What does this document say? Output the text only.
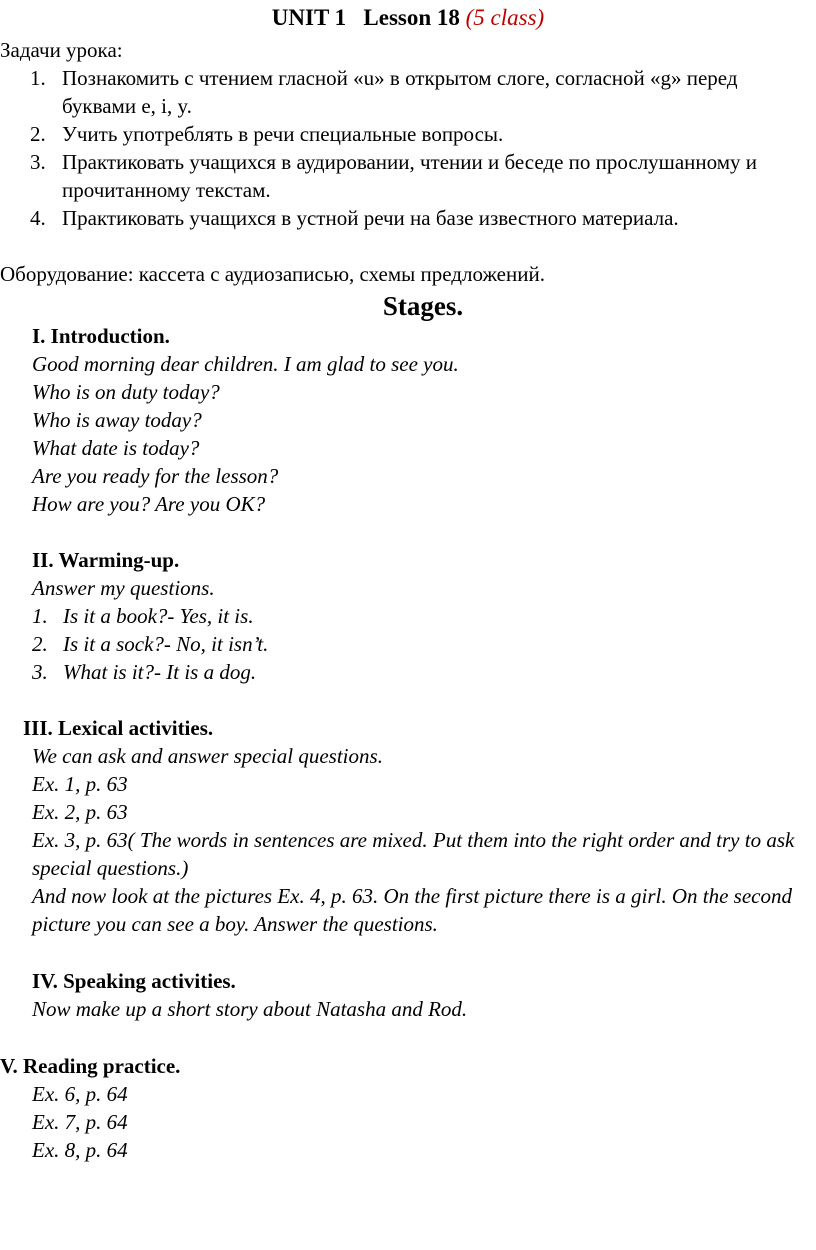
UNIT 1 Lesson 18 (5 class)
Задачи урока:
1. Познакомить с чтением гласной «u» в открытом слоге, согласной «g» перед буквами e, i, y.
2. Учить употреблять в речи специальные вопросы.
3. Практиковать учащихся в аудировании, чтении и беседе по прослушанному и прочитанному текстам.
4. Практиковать учащихся в устной речи на базе известного материала.
Оборудование: кассета с аудиозаписью, схемы предложений.
Stages.
I. Introduction.
Good morning dear children. I am glad to see you.
Who is on duty today?
Who is away today?
What date is today?
Are you ready for the lesson?
How are you? Are you OK?
II. Warming-up.
Answer my questions.
1. Is it a book?- Yes, it is.
2. Is it a sock?- No, it isn’t.
3. What is it?- It is a dog.
III. Lexical activities.
We can ask and answer special questions.
Ex. 1, p. 63
Ex. 2, p. 63
Ex. 3, p. 63( The words in sentences are mixed. Put them into the right order and try to ask special questions.)
And now look at the pictures Ex. 4, p. 63. On the first picture there is a girl. On the second picture you can see a boy. Answer the questions.
IV. Speaking activities.
Now make up a short story about Natasha and Rod.
V. Reading practice.
Ex. 6, p. 64
Ex. 7, p. 64
Ex. 8, p. 64
